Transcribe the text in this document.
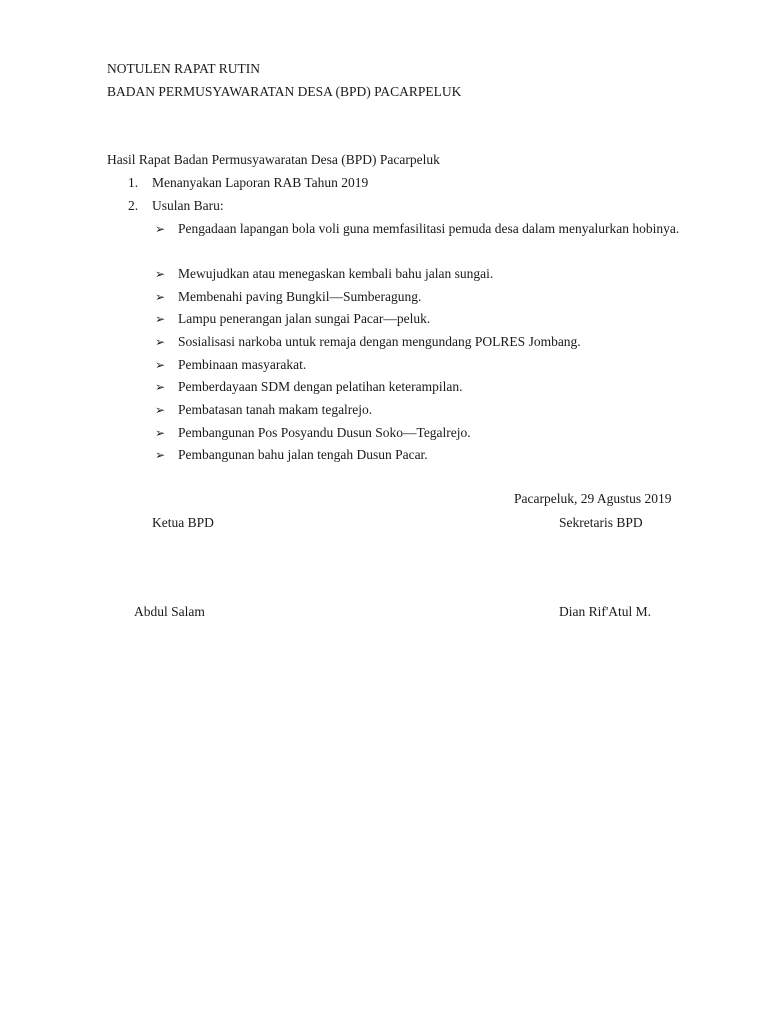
NOTULEN RAPAT RUTIN
BADAN PERMUSYAWARATAN DESA (BPD) PACARPELUK
Hasil Rapat Badan Permusyawaratan Desa (BPD) Pacarpeluk
1. Menanyakan Laporan RAB Tahun 2019
2. Usulan Baru:
➢ Pengadaan lapangan bola voli guna memfasilitasi pemuda desa dalam menyalurkan hobinya.
➢ Mewujudkan atau menegaskan kembali bahu jalan sungai.
➢ Membenahi paving Bungkil—Sumberagung.
➢ Lampu penerangan jalan sungai Pacar—peluk.
➢ Sosialisasi narkoba untuk remaja dengan mengundang POLRES Jombang.
➢ Pembinaan masyarakat.
➢ Pemberdayaan SDM dengan pelatihan keterampilan.
➢ Pembatasan tanah makam tegalrejo.
➢ Pembangunan Pos Posyandu Dusun Soko—Tegalrejo.
➢ Pembangunan bahu jalan tengah Dusun Pacar.
Pacarpeluk, 29 Agustus 2019
Ketua BPD	Sekretaris BPD
Abdul Salam	Dian Rif'Atul M.
